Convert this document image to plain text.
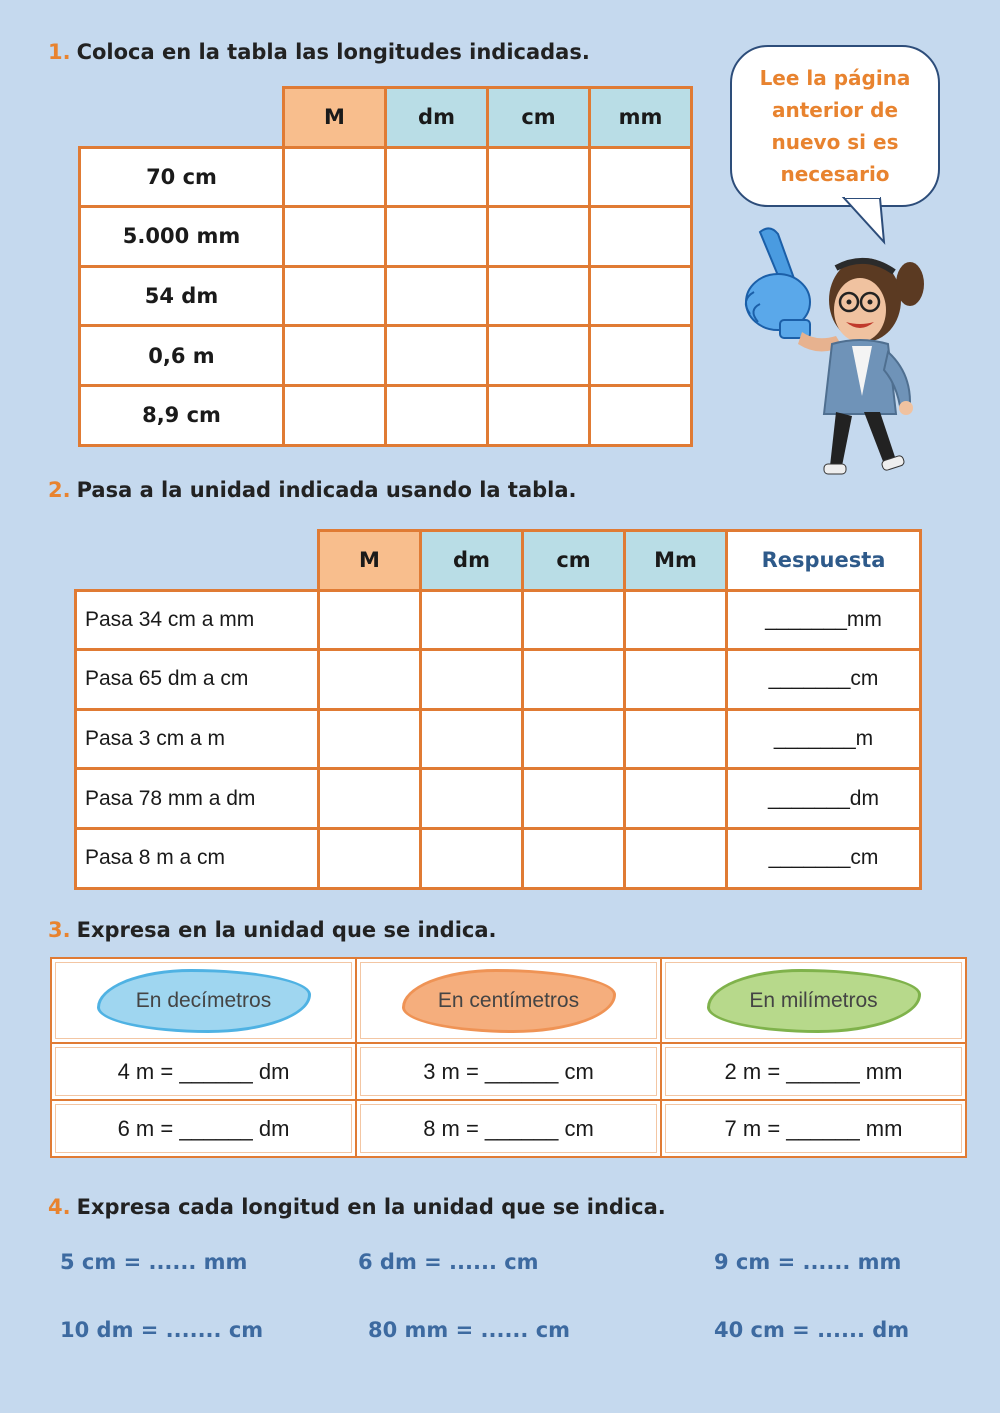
1. Coloca en la tabla las longitudes indicadas.
	M	dm	cm	mm
70 cm				
5.000 mm				
54 dm				
0,6 m				
8,9 cm				
Lee la página
anterior de
nuevo si es
necesario
2. Pasa a la unidad indicada usando la tabla.
	M	dm	cm	Mm	Respuesta
Pasa 34 cm a mm					_______mm
Pasa 65 dm a cm					_______cm
Pasa 3 cm a m					_______m
Pasa 78 mm a dm					_______dm
Pasa 8 m a cm					_______cm
3. Expresa en la unidad que se indica.
En decímetros	En centímetros	En milímetros
4 m = ______ dm	3 m = ______ cm	2 m = ______ mm
6 m = ______ dm	8 m = ______ cm	7 m = ______ mm
4. Expresa cada longitud en la unidad que se indica.
5 cm = ...... mm	6 dm = ...... cm	9 cm = ...... mm
10 dm = ....... cm	80 mm = ...... cm	40 cm = ...... dm
